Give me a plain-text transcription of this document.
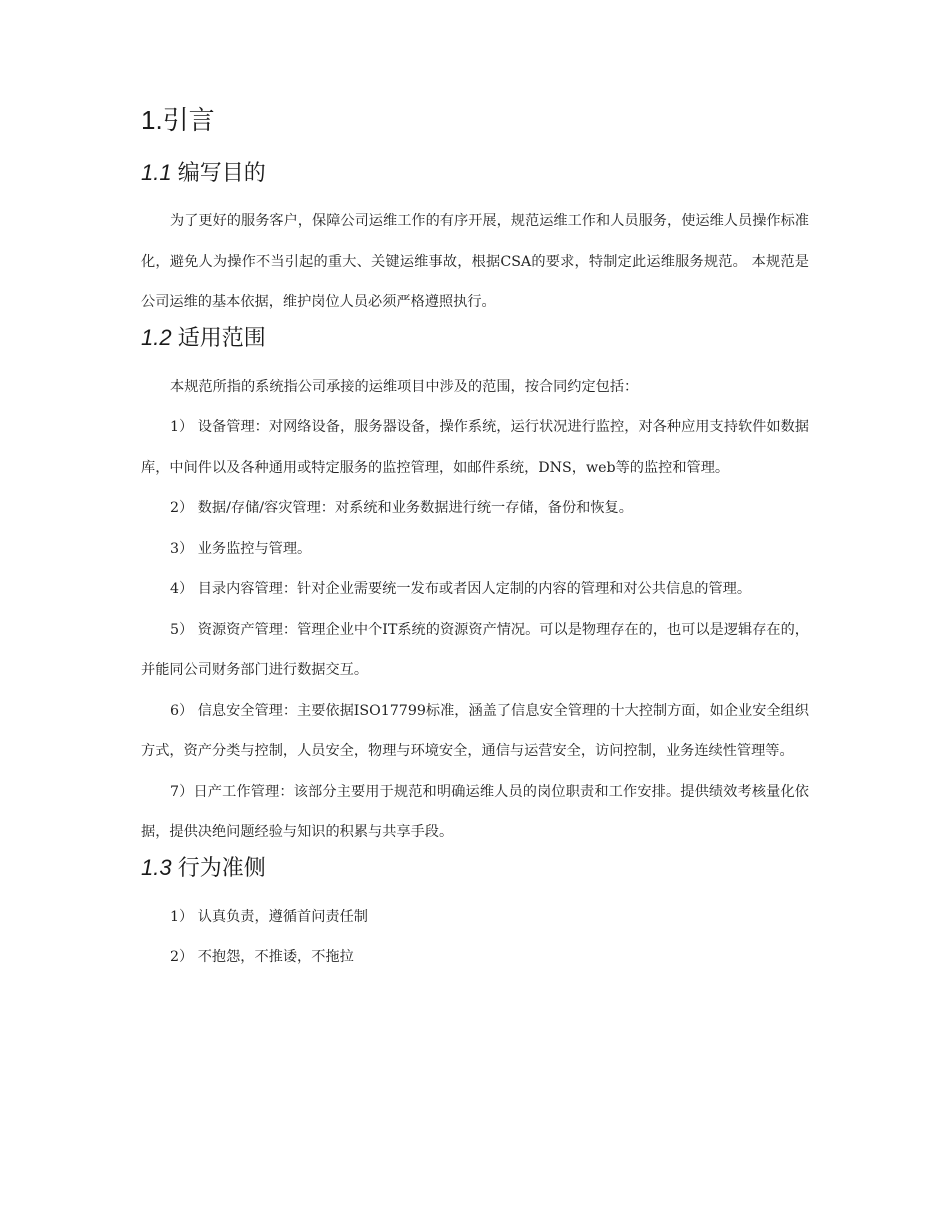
1.引言
1.1 编写目的

为了更好的服务客户，保障公司运维工作的有序开展，规范运维工作和人员服务，使运维人员操作标准化，避免人为操作不当引起的重大、关键运维事故，根据CSA的要求，特制定此运维服务规范。 本规范是公司运维的基本依据，维护岗位人员必须严格遵照执行。

1.2 适用范围

本规范所指的系统指公司承接的运维项目中涉及的范围，按合同约定包括：

1） 设备管理：对网络设备，服务器设备，操作系统，运行状况进行监控，对各种应用支持软件如数据库，中间件以及各种通用或特定服务的监控管理，如邮件系统，DNS，web等的监控和管理。

2） 数据/存储/容灾管理：对系统和业务数据进行统一存储，备份和恢复。

3） 业务监控与管理。

4） 目录内容管理：针对企业需要统一发布或者因人定制的内容的管理和对公共信息的管理。

5） 资源资产管理：管理企业中个IT系统的资源资产情况。可以是物理存在的，也可以是逻辑存在的，并能同公司财务部门进行数据交互。

6） 信息安全管理：主要依据ISO17799标准，涵盖了信息安全管理的十大控制方面，如企业安全组织方式，资产分类与控制，人员安全，物理与环境安全，通信与运营安全，访问控制，业务连续性管理等。

7）日产工作管理：该部分主要用于规范和明确运维人员的岗位职责和工作安排。提供绩效考核量化依据，提供决绝问题经验与知识的积累与共享手段。

1.3 行为准侧

1） 认真负责，遵循首问责任制

2） 不抱怨，不推诿，不拖拉
